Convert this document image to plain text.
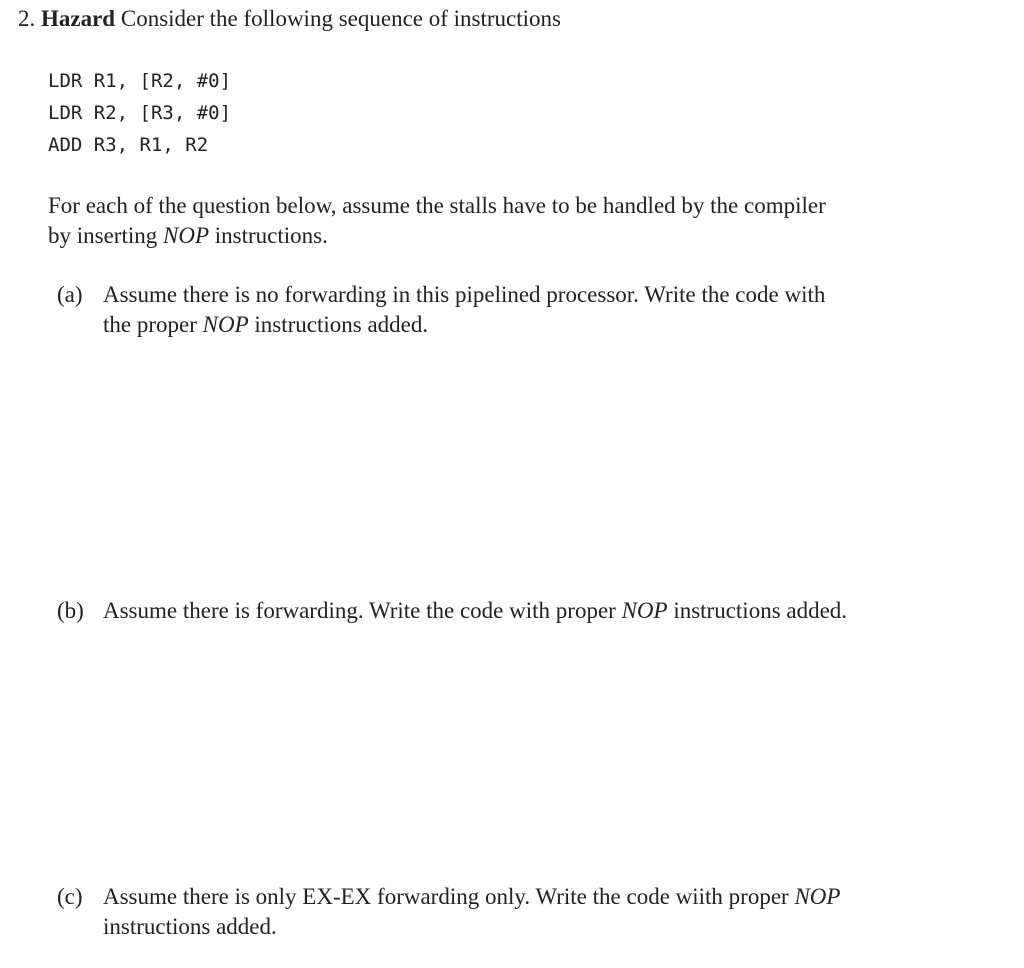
2. Hazard Consider the following sequence of instructions
LDR R1, [R2, #0]
LDR R2, [R3, #0]
ADD R3, R1, R2
For each of the question below, assume the stalls have to be handled by the compiler
by inserting NOP instructions.
(a) Assume there is no forwarding in this pipelined processor. Write the code with
the proper NOP instructions added.
(b) Assume there is forwarding. Write the code with proper NOP instructions added.
(c) Assume there is only EX-EX forwarding only. Write the code wiith proper NOP
instructions added.
